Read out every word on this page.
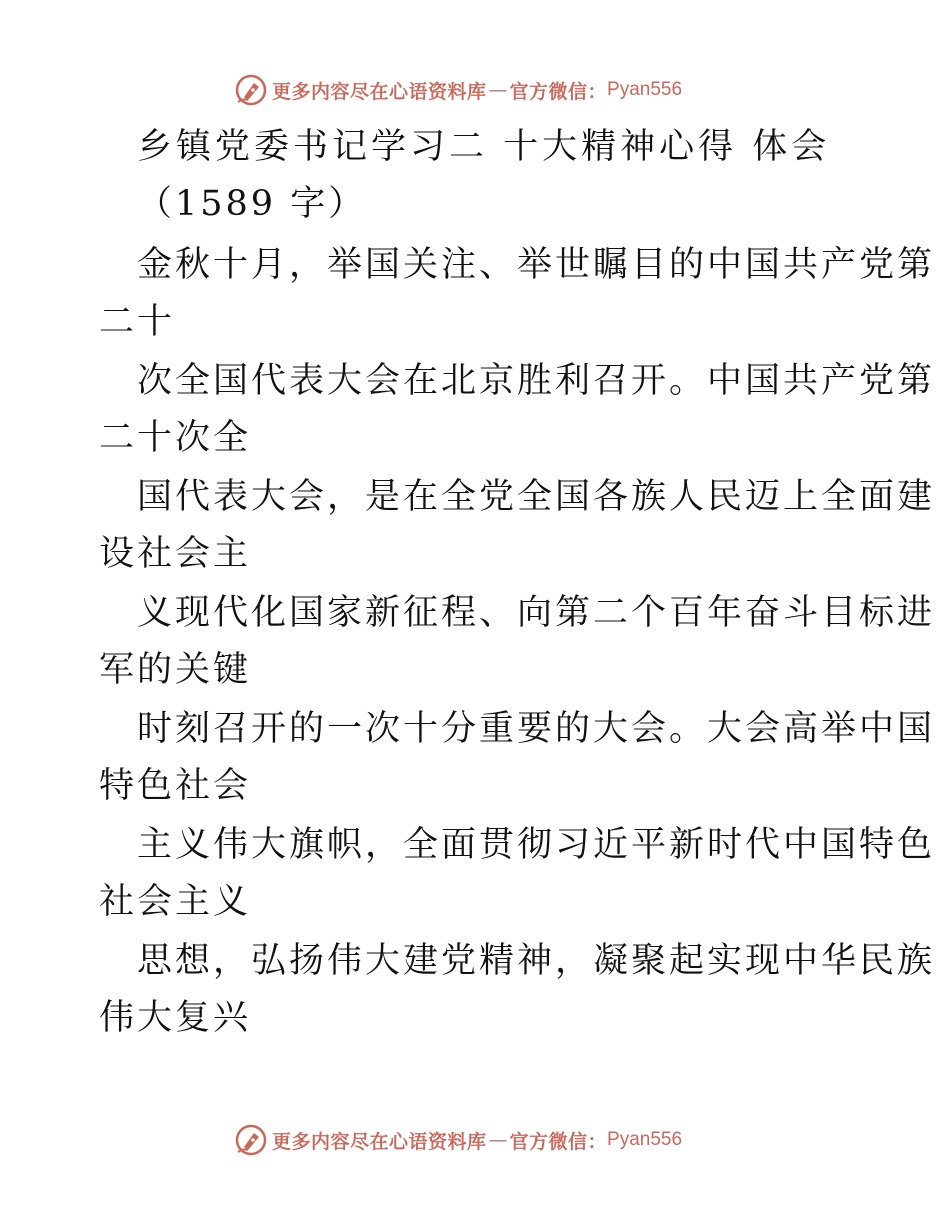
更多内容尽在心语资料库 — 官方微信： Pyan556

乡镇党委书记学习二 十大精神心得 体会

（1589 字）

金秋十月，举国关注、举世瞩目的中国共产党第

二十

次全国代表大会在北京胜利召开。中国共产党第

二十次全

国代表大会，是在全党全国各族人民迈上全面建

设社会主

义现代化国家新征程、向第二个百年奋斗目标进

军的关键

时刻召开的一次十分重要的大会。大会高举中国

特色社会

主义伟大旗帜，全面贯彻习近平新时代中国特色

社会主义

思想，弘扬伟大建党精神，凝聚起实现中华民族

伟大复兴

更多内容尽在心语资料库 — 官方微信： Pyan556
